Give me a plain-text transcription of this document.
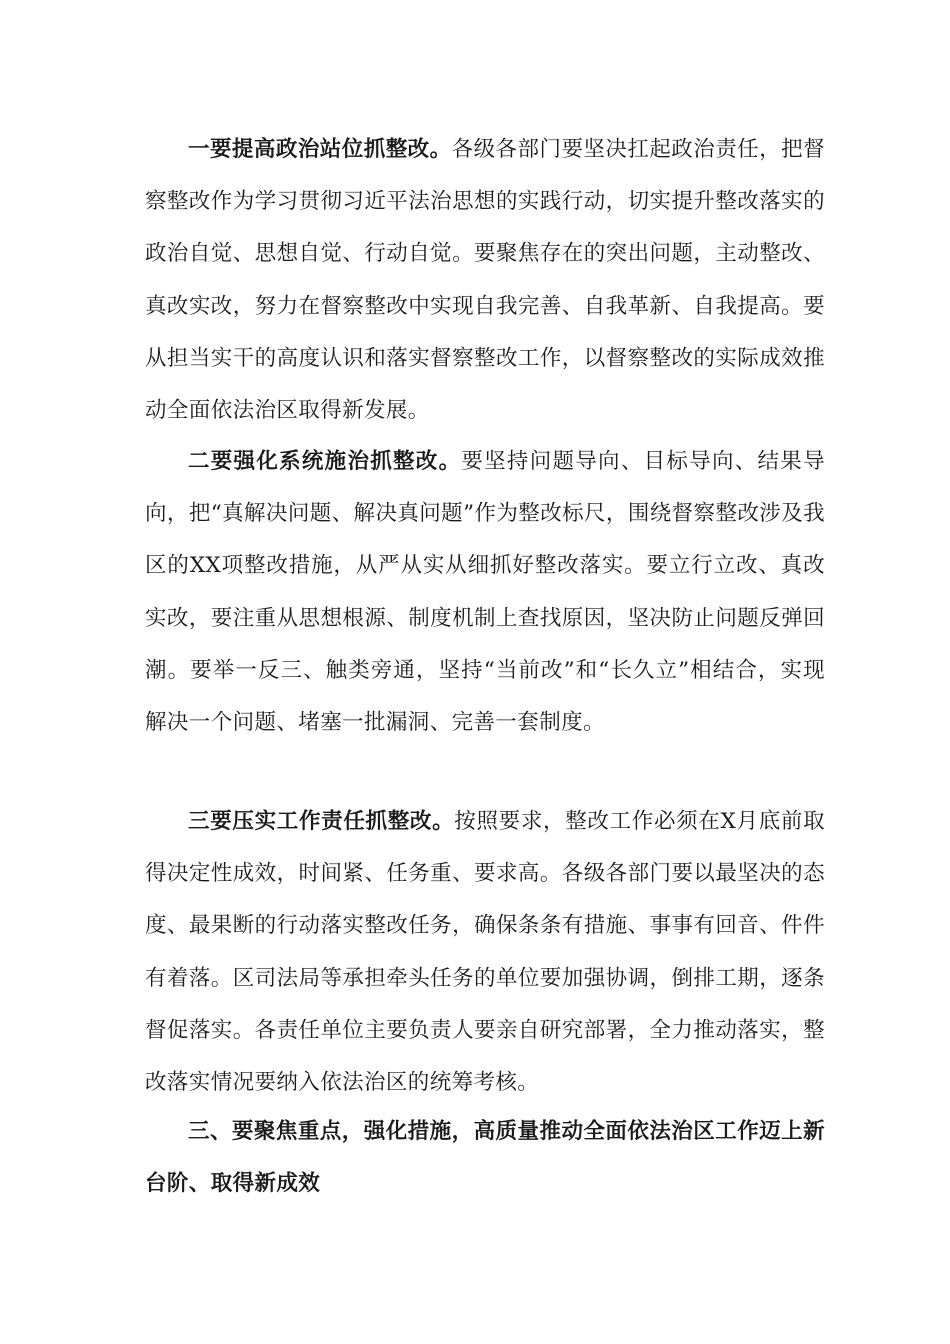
一要提高政治站位抓整改。各级各部门要坚决扛起政治责任，把督察整改作为学习贯彻习近平法治思想的实践行动，切实提升整改落实的政治自觉、思想自觉、行动自觉。要聚焦存在的突出问题，主动整改、真改实改，努力在督察整改中实现自我完善、自我革新、自我提高。要从担当实干的高度认识和落实督察整改工作，以督察整改的实际成效推动全面依法治区取得新发展。

二要强化系统施治抓整改。要坚持问题导向、目标导向、结果导向，把“真解决问题、解决真问题”作为整改标尺，围绕督察整改涉及我区的XX项整改措施，从严从实从细抓好整改落实。要立行立改、真改实改，要注重从思想根源、制度机制上查找原因，坚决防止问题反弹回潮。要举一反三、触类旁通，坚持“当前改”和“长久立”相结合，实现解决一个问题、堵塞一批漏洞、完善一套制度。

三要压实工作责任抓整改。按照要求，整改工作必须在X月底前取得决定性成效，时间紧、任务重、要求高。各级各部门要以最坚决的态度、最果断的行动落实整改任务，确保条条有措施、事事有回音、件件有着落。区司法局等承担牵头任务的单位要加强协调，倒排工期，逐条督促落实。各责任单位主要负责人要亲自研究部署，全力推动落实，整改落实情况要纳入依法治区的统筹考核。

三、要聚焦重点，强化措施，高质量推动全面依法治区工作迈上新台阶、取得新成效
